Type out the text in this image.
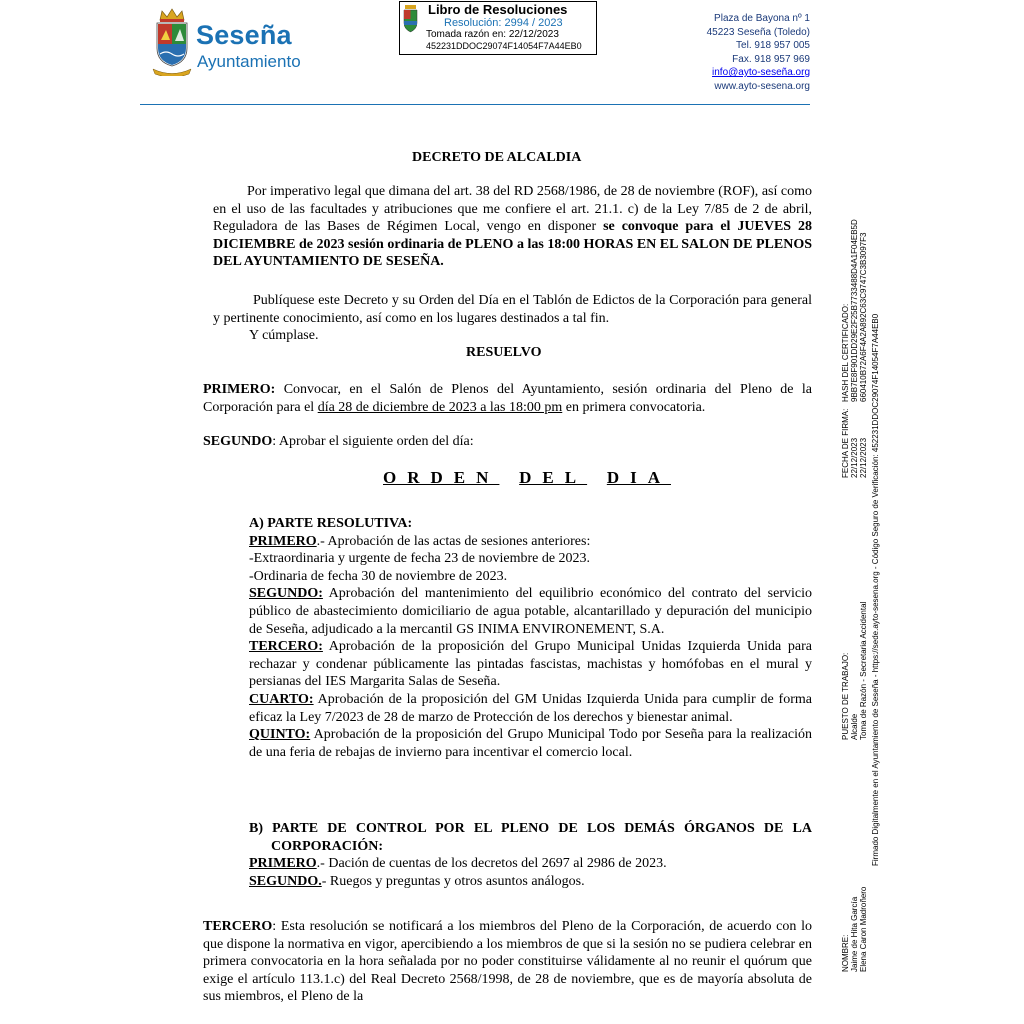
Seseña
Ayuntamiento
Libro de Resoluciones
Resolución: 2994 / 2023
Tomada razón en: 22/12/2023
452231DDOC29074F14054F7A44EB0
Plaza de Bayona nº 1
45223 Seseña (Toledo)
Tel. 918 957 005
Fax. 918 957 969
info@ayto-seseña.org
www.ayto-sesena.org
DECRETO DE ALCALDIA
Por imperativo legal que dimana del art. 38 del RD 2568/1986, de 28 de noviembre (ROF), así como en el uso de las facultades y atribuciones que me confiere el art. 21.1. c) de la Ley 7/85 de 2 de abril, Reguladora de las Bases de Régimen Local, vengo en disponer se convoque para el JUEVES 28 DICIEMBRE de 2023 sesión ordinaria de PLENO a las 18:00 HORAS EN EL SALON DE PLENOS DEL AYUNTAMIENTO DE SESEÑA.
Publíquese este Decreto y su Orden del Día en el Tablón de Edictos de la Corporación para general y pertinente conocimiento, así como en los lugares destinados a tal fin.
Y cúmplase.
RESUELVO
PRIMERO: Convocar, en el Salón de Plenos del Ayuntamiento, sesión ordinaria del Pleno de la Corporación para el día 28 de diciembre de 2023 a las 18:00 pm en primera convocatoria.
SEGUNDO: Aprobar el siguiente orden del día:
ORDEN DEL DIA
A) PARTE RESOLUTIVA:
PRIMERO.- Aprobación de las actas de sesiones anteriores:
-Extraordinaria y urgente de fecha 23 de noviembre de 2023.
-Ordinaria de fecha 30 de noviembre de 2023.
SEGUNDO: Aprobación del mantenimiento del equilibrio económico del contrato del servicio público de abastecimiento domiciliario de agua potable, alcantarillado y depuración del municipio de Seseña, adjudicado a la mercantil GS INIMA ENVIRONEMENT, S.A.
TERCERO: Aprobación de la proposición del Grupo Municipal Unidas Izquierda Unida para rechazar y condenar públicamente las pintadas fascistas, machistas y homófobas en el mural y persianas del IES Margarita Salas de Seseña.
CUARTO: Aprobación de la proposición del GM Unidas Izquierda Unida para cumplir de forma eficaz la Ley 7/2023 de 28 de marzo de Protección de los derechos y bienestar animal.
QUINTO: Aprobación de la proposición del Grupo Municipal Todo por Seseña para la realización de una feria de rebajas de invierno para incentivar el comercio local.
B) PARTE DE CONTROL POR EL PLENO DE LOS DEMÁS ÓRGANOS DE LA CORPORACIÓN:
PRIMERO.- Dación de cuentas de los decretos del 2697 al 2986 de 2023.
SEGUNDO.- Ruegos y preguntas y otros asuntos análogos.
TERCERO: Esta resolución se notificará a los miembros del Pleno de la Corporación, de acuerdo con lo que dispone la normativa en vigor, apercibiendo a los miembros de que si la sesión no se pudiera celebrar en primera convocatoria en la hora señalada por no poder constituirse válidamente al no reunir el quórum que exige el artículo 113.1.c) del Real Decreto 2568/1998, de 28 de noviembre, que es de mayoría absoluta de sus miembros, el Pleno de la
NOMBRE: Jaime de Hita García Elena Caron Madroñero
PUESTO DE TRABAJO: Alcalde Toma de Razón - Secretaria Accidental
FECHA DE FIRMA: 22/12/2023 22/12/2023
HASH DEL CERTIFICADO: 9BB7E8F901DD29E2F25B7733488D4A1F04EB5D 660410B72A6F4A2A892C63C9747C3B3097F3 Firmado Digitalmente en el Ayuntamiento de Seseña - https://sede.ayto-sesena.org - Código Seguro de Verificación: 452231DDOC29074F14054F7A44EB0
